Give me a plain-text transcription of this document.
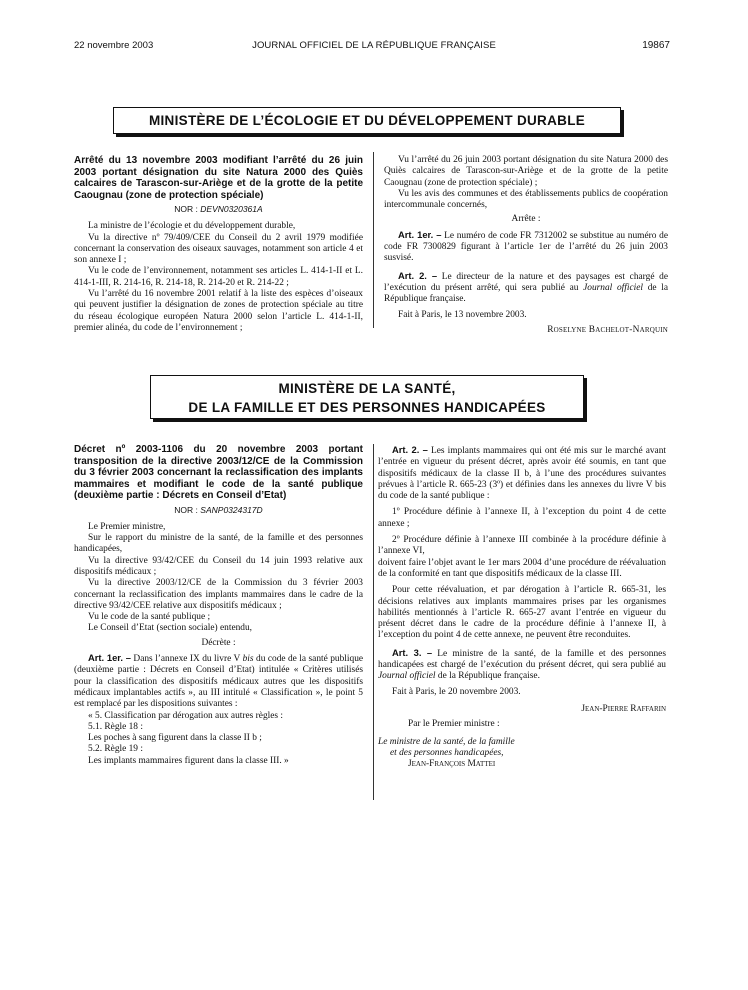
22 novembre 2003	JOURNAL OFFICIEL DE LA RÉPUBLIQUE FRANÇAISE	19867
MINISTÈRE DE L’ÉCOLOGIE ET DU DÉVELOPPEMENT DURABLE
Arrêté du 13 novembre 2003 modifiant l’arrêté du 26 juin 2003 portant désignation du site Natura 2000 des Quiès calcaires de Tarascon-sur-Ariège et de la grotte de la petite Caougnau (zone de protection spéciale)
NOR : DEVN0320361A

La ministre de l’écologie et du développement durable,

Vu la directive nº 79/409/CEE du Conseil du 2 avril 1979 modifiée concernant la conservation des oiseaux sauvages, notamment son article 4 et son annexe I ;

Vu le code de l’environnement, notamment ses articles L. 414-1-II et L. 414-1-III, R. 214-16, R. 214-18, R. 214-20 et R. 214-22 ;

Vu l’arrêté du 16 novembre 2001 relatif à la liste des espèces d’oiseaux qui peuvent justifier la désignation de zones de protection spéciale au titre du réseau écologique européen Natura 2000 selon l’article L. 414-1-II, premier alinéa, du code de l’environnement ;

Vu l’arrêté du 26 juin 2003 portant désignation du site Natura 2000 des Quiès calcaires de Tarascon-sur-Ariège et de la grotte de la petite Caougnau (zone de protection spéciale) ;

Vu les avis des communes et des établissements publics de coopération intercommunale concernés,

Arrête :

Art. 1er. – Le numéro de code FR 7312002 se substitue au numéro de code FR 7300829 figurant à l’article 1er de l’arrêté du 26 juin 2003 susvisé.

Art. 2. – Le directeur de la nature et des paysages est chargé de l’exécution du présent arrêté, qui sera publié au Journal officiel de la République française.

Fait à Paris, le 13 novembre 2003.

Roselyne Bachelot-Narquin

MINISTÈRE DE LA SANTÉ,
DE LA FAMILLE ET DES PERSONNES HANDICAPÉES
Décret nº 2003-1106 du 20 novembre 2003 portant transposition de la directive 2003/12/CE de la Commission du 3 février 2003 concernant la reclassification des implants mammaires et modifiant le code de la santé publique (deuxième partie : Décrets en Conseil d’Etat)
NOR : SANP0324317D

Le Premier ministre,

Sur le rapport du ministre de la santé, de la famille et des personnes handicapées,

Vu la directive 93/42/CEE du Conseil du 14 juin 1993 relative aux dispositifs médicaux ;

Vu la directive 2003/12/CE de la Commission du 3 février 2003 concernant la reclassification des implants mammaires dans le cadre de la directive 93/42/CEE relative aux dispositifs médicaux ;

Vu le code de la santé publique ;

Le Conseil d’Etat (section sociale) entendu,

Décrète :

Art. 1er. – Dans l’annexe IX du livre V bis du code de la santé publique (deuxième partie : Décrets en Conseil d’Etat) intitulée « Critères utilisés pour la classification des dispositifs médicaux autres que les dispositifs médicaux implantables actifs », au III intitulé « Classification », le point 5 est remplacé par les dispositions suivantes :

« 5. Classification par dérogation aux autres règles :

5.1. Règle 18 :

Les poches à sang figurent dans la classe II b ;

5.2. Règle 19 :

Les implants mammaires figurent dans la classe III. »

Art. 2. – Les implants mammaires qui ont été mis sur le marché avant l’entrée en vigueur du présent décret, après avoir été soumis, en tant que dispositifs médicaux de la classe II b, à l’une des procédures suivantes prévues à l’article R. 665-23 (3º) et définies dans les annexes du livre V bis du code de la santé publique :

1º Procédure définie à l’annexe II, à l’exception du point 4 de cette annexe ;

2º Procédure définie à l’annexe III combinée à la procédure définie à l’annexe VI,

doivent faire l’objet avant le 1er mars 2004 d’une procédure de réévaluation de la conformité en tant que dispositifs médicaux de la classe III.

Pour cette réévaluation, et par dérogation à l’article R. 665-31, les décisions relatives aux implants mammaires prises par les organismes habilités mentionnés à l’article R. 665-27 avant l’entrée en vigueur du présent décret dans le cadre de la procédure définie à l’annexe II, à l’exception du point 4 de cette annexe, ne peuvent être reconduites.

Art. 3. – Le ministre de la santé, de la famille et des personnes handicapées est chargé de l’exécution du présent décret, qui sera publié au Journal officiel de la République française.

Fait à Paris, le 20 novembre 2003.

Jean-Pierre Raffarin

Par le Premier ministre :

Le ministre de la santé, de la famille

et des personnes handicapées,

Jean-François Mattei
